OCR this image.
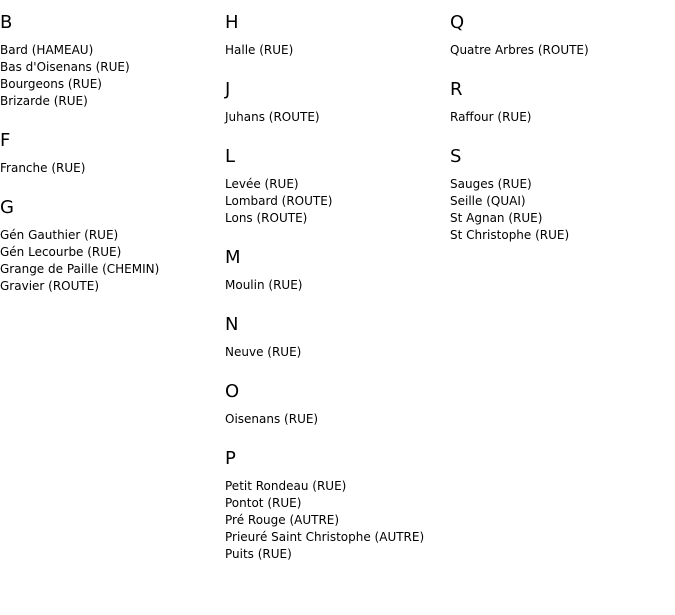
B
Bard (HAMEAU)
Bas d'Oisenans (RUE)
Bourgeons (RUE)
Brizarde (RUE)
F
Franche (RUE)
G
Gén Gauthier (RUE)
Gén Lecourbe (RUE)
Grange de Paille (CHEMIN)
Gravier (ROUTE)
H
Halle (RUE)
J
Juhans (ROUTE)
L
Levée (RUE)
Lombard (ROUTE)
Lons (ROUTE)
M
Moulin (RUE)
N
Neuve (RUE)
O
Oisenans (RUE)
P
Petit Rondeau (RUE)
Pontot (RUE)
Pré Rouge (AUTRE)
Prieuré Saint Christophe (AUTRE)
Puits (RUE)
Q
Quatre Arbres (ROUTE)
R
Raffour (RUE)
S
Sauges (RUE)
Seille (QUAI)
St Agnan (RUE)
St Christophe (RUE)
